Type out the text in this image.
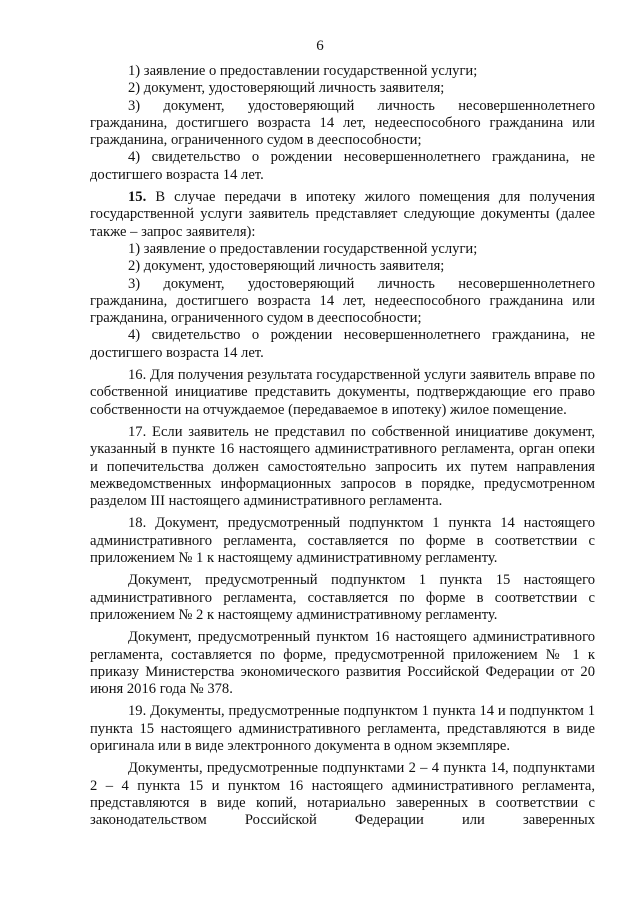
6

1) заявление о предоставлении государственной услуги;

2) документ, удостоверяющий личность заявителя;

3) документ, удостоверяющий личность несовершеннолетнего гражданина, достигшего возраста 14 лет, недееспособного гражданина или гражданина, ограниченного судом в дееспособности;

4) свидетельство о рождении несовершеннолетнего гражданина, не достигшего возраста 14 лет.

15. В случае передачи в ипотеку жилого помещения для получения государственной услуги заявитель представляет следующие документы (далее также – запрос заявителя):

1) заявление о предоставлении государственной услуги;

2) документ, удостоверяющий личность заявителя;

3) документ, удостоверяющий личность несовершеннолетнего гражданина, достигшего возраста 14 лет, недееспособного гражданина или гражданина, ограниченного судом в дееспособности;

4) свидетельство о рождении несовершеннолетнего гражданина, не достигшего возраста 14 лет.

16. Для получения результата государственной услуги заявитель вправе по собственной инициативе представить документы, подтверждающие его право собственности на отчуждаемое (передаваемое в ипотеку) жилое помещение.

17. Если заявитель не представил по собственной инициативе документ, указанный в пункте 16 настоящего административного регламента, орган опеки и попечительства должен самостоятельно запросить их путем направления межведомственных информационных запросов в порядке, предусмотренном разделом III настоящего административного регламента.

18. Документ, предусмотренный подпунктом 1 пункта 14 настоящего административного регламента, составляется по форме в соответствии с приложением № 1 к настоящему административному регламенту.

Документ, предусмотренный подпунктом 1 пункта 15 настоящего административного регламента, составляется по форме в соответствии с приложением № 2 к настоящему административному регламенту.

Документ, предусмотренный пунктом 16 настоящего административного регламента, составляется по форме, предусмотренной приложением № 1 к приказу Министерства экономического развития Российской Федерации от 20 июня 2016 года № 378.

19. Документы, предусмотренные подпунктом 1 пункта 14 и подпунктом 1 пункта 15 настоящего административного регламента, представляются в виде оригинала или в виде электронного документа в одном экземпляре.

Документы, предусмотренные подпунктами 2 – 4 пункта 14, подпунктами 2 – 4 пункта 15 и пунктом 16 настоящего административного регламента, представляются в виде копий, нотариально заверенных в соответствии с законодательством Российской Федерации или заверенных
